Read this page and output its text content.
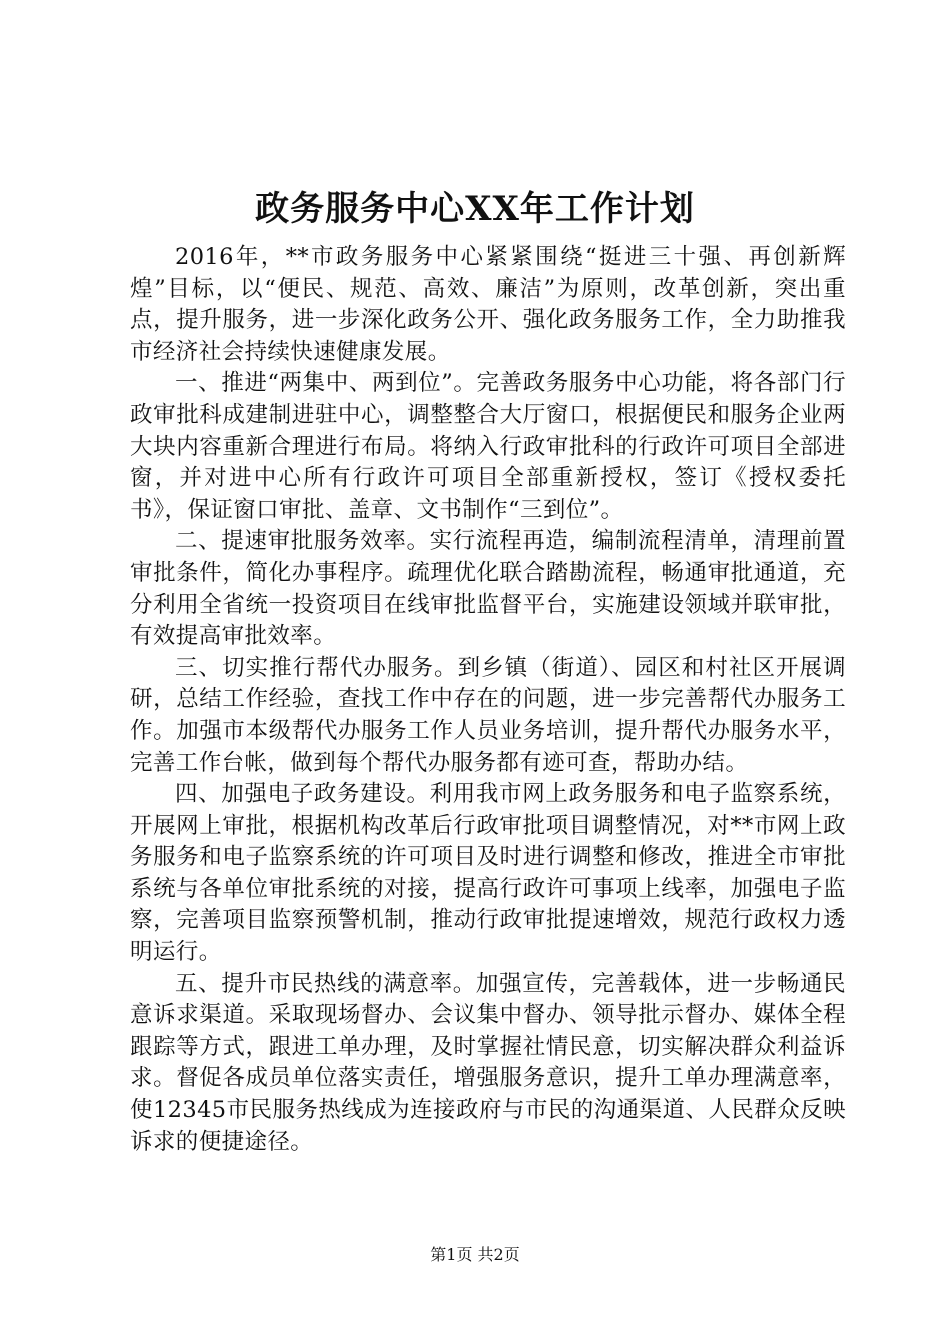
政务服务中心XX年工作计划

2016年，**市政务服务中心紧紧围绕“挺进三十强、再创新辉煌”目标，以“便民、规范、高效、廉洁”为原则，改革创新，突出重点，提升服务，进一步深化政务公开、强化政务服务工作，全力助推我市经济社会持续快速健康发展。

一、推进“两集中、两到位”。完善政务服务中心功能，将各部门行政审批科成建制进驻中心，调整整合大厅窗口，根据便民和服务企业两大块内容重新合理进行布局。将纳入行政审批科的行政许可项目全部进窗，并对进中心所有行政许可项目全部重新授权，签订《授权委托书》，保证窗口审批、盖章、文书制作“三到位”。

二、提速审批服务效率。实行流程再造，编制流程清单，清理前置审批条件，简化办事程序。疏理优化联合踏勘流程，畅通审批通道，充分利用全省统一投资项目在线审批监督平台，实施建设领域并联审批，有效提高审批效率。

三、切实推行帮代办服务。到乡镇（街道）、园区和村社区开展调研，总结工作经验，查找工作中存在的问题，进一步完善帮代办服务工作。加强市本级帮代办服务工作人员业务培训，提升帮代办服务水平，完善工作台帐，做到每个帮代办服务都有迹可查，帮助办结。

四、加强电子政务建设。利用我市网上政务服务和电子监察系统，开展网上审批，根据机构改革后行政审批项目调整情况，对**市网上政务服务和电子监察系统的许可项目及时进行调整和修改，推进全市审批系统与各单位审批系统的对接，提高行政许可事项上线率，加强电子监察，完善项目监察预警机制，推动行政审批提速增效，规范行政权力透明运行。

五、提升市民热线的满意率。加强宣传，完善载体，进一步畅通民意诉求渠道。采取现场督办、会议集中督办、领导批示督办、媒体全程跟踪等方式，跟进工单办理，及时掌握社情民意，切实解决群众利益诉求。督促各成员单位落实责任，增强服务意识，提升工单办理满意率，使12345市民服务热线成为连接政府与市民的沟通渠道、人民群众反映诉求的便捷途径。

第1页 共2页
